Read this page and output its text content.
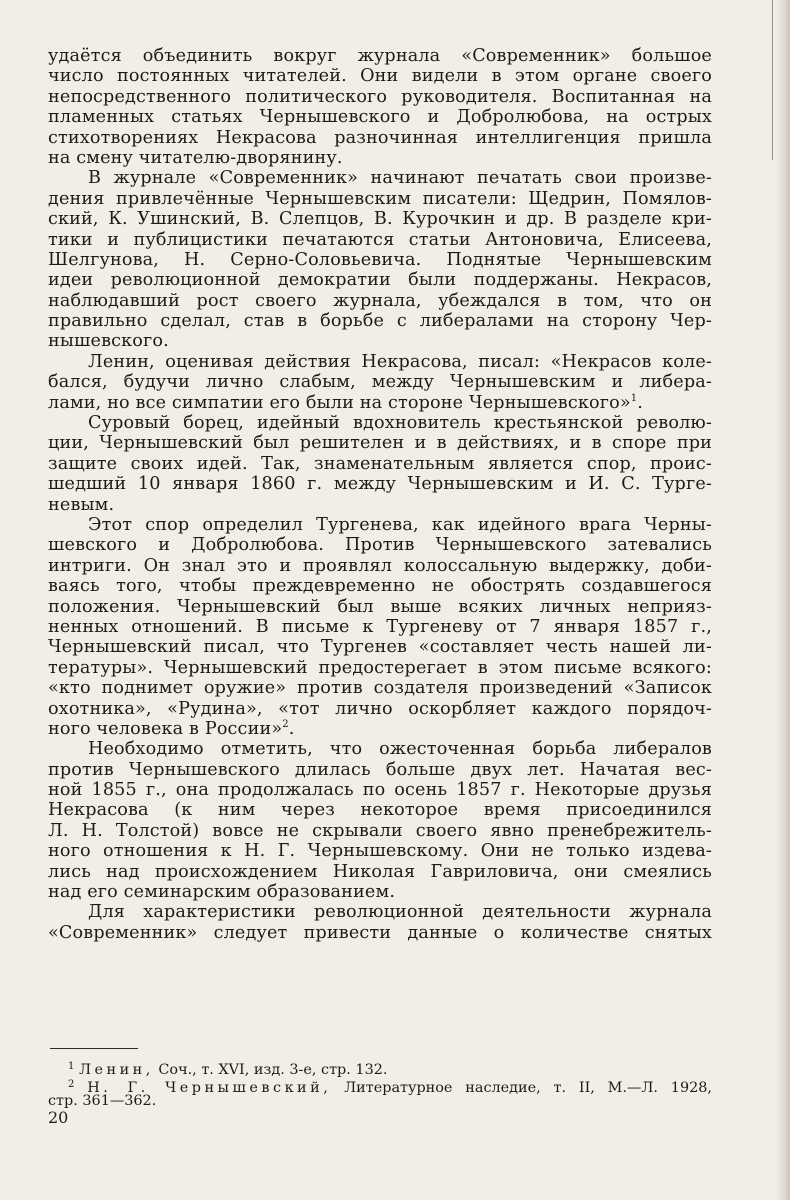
удаётся объединить вокруг журнала «Современник» большое
число постоянных читателей. Они видели в этом органе своего
непосредственного политического руководителя. Воспитанная на
пламенных статьях Чернышевского и Добролюбова, на острых
стихотворениях Некрасова разночинная интеллигенция пришла
на смену читателю-дворянину.

В журнале «Современник» начинают печатать свои произве-
дения привлечённые Чернышевским писатели: Щедрин, Помялов-
ский, К. Ушинский, В. Слепцов, В. Курочкин и др. В разделе кри-
тики и публицистики печатаются статьи Антоновича, Елисеева,
Шелгунова, Н. Серно-Соловьевича. Поднятые Чернышевским
идеи революционной демократии были поддержаны. Некрасов,
наблюдавший рост своего журнала, убеждался в том, что он
правильно сделал, став в борьбе с либералами на сторону Чер-
нышевского.

Ленин, оценивая действия Некрасова, писал: «Некрасов коле-
бался, будучи лично слабым, между Чернышевским и либера-
лами, но все симпатии его были на стороне Чернышевского»$^1$.

Суровый борец, идейный вдохновитель крестьянской револю-
ции, Чернышевский был решителен и в действиях, и в споре при
защите своих идей. Так, знаменательным является спор, проис-
шедший 10 января 1860 г. между Чернышевским и И. С. Турге-
невым.

Этот спор определил Тургенева, как идейного врага Черны-
шевского и Добролюбова. Против Чернышевского затевались
интриги. Он знал это и проявлял колоссальную выдержку, доби-
ваясь того, чтобы преждевременно не обострять создавшегося
положения. Чернышевский был выше всяких личных неприяз-
ненных отношений. В письме к Тургеневу от 7 января 1857 г.,
Чернышевский писал, что Тургенев «составляет честь нашей ли-
тературы». Чернышевский предостерегает в этом письме всякого:
«кто поднимет оружие» против создателя произведений «Записок
охотника», «Рудина», «тот лично оскорбляет каждого порядоч-
ного человека в России»$^2$.

Необходимо отметить, что ожесточенная борьба либералов
против Чернышевского длилась больше двух лет. Начатая вес-
ной 1855 г., она продолжалась по осень 1857 г. Некоторые друзья
Некрасова (к ним через некоторое время присоединился
Л. Н. Толстой) вовсе не скрывали своего явно пренебрежитель-
ного отношения к Н. Г. Чернышевскому. Они не только издева-
лись над происхождением Николая Гавриловича, они смеялись
над его семинарским образованием.

Для характеристики революционной деятельности журнала
«Современник» следует привести данные о количестве снятых

$^1$ Ленин, Соч., т. XVI, изд. 3-е, стр. 132.
$^2$ Н. Г. Чернышевский, Литературное наследие, т. II, М.—Л. 1928,
стр. 361—362.
20
